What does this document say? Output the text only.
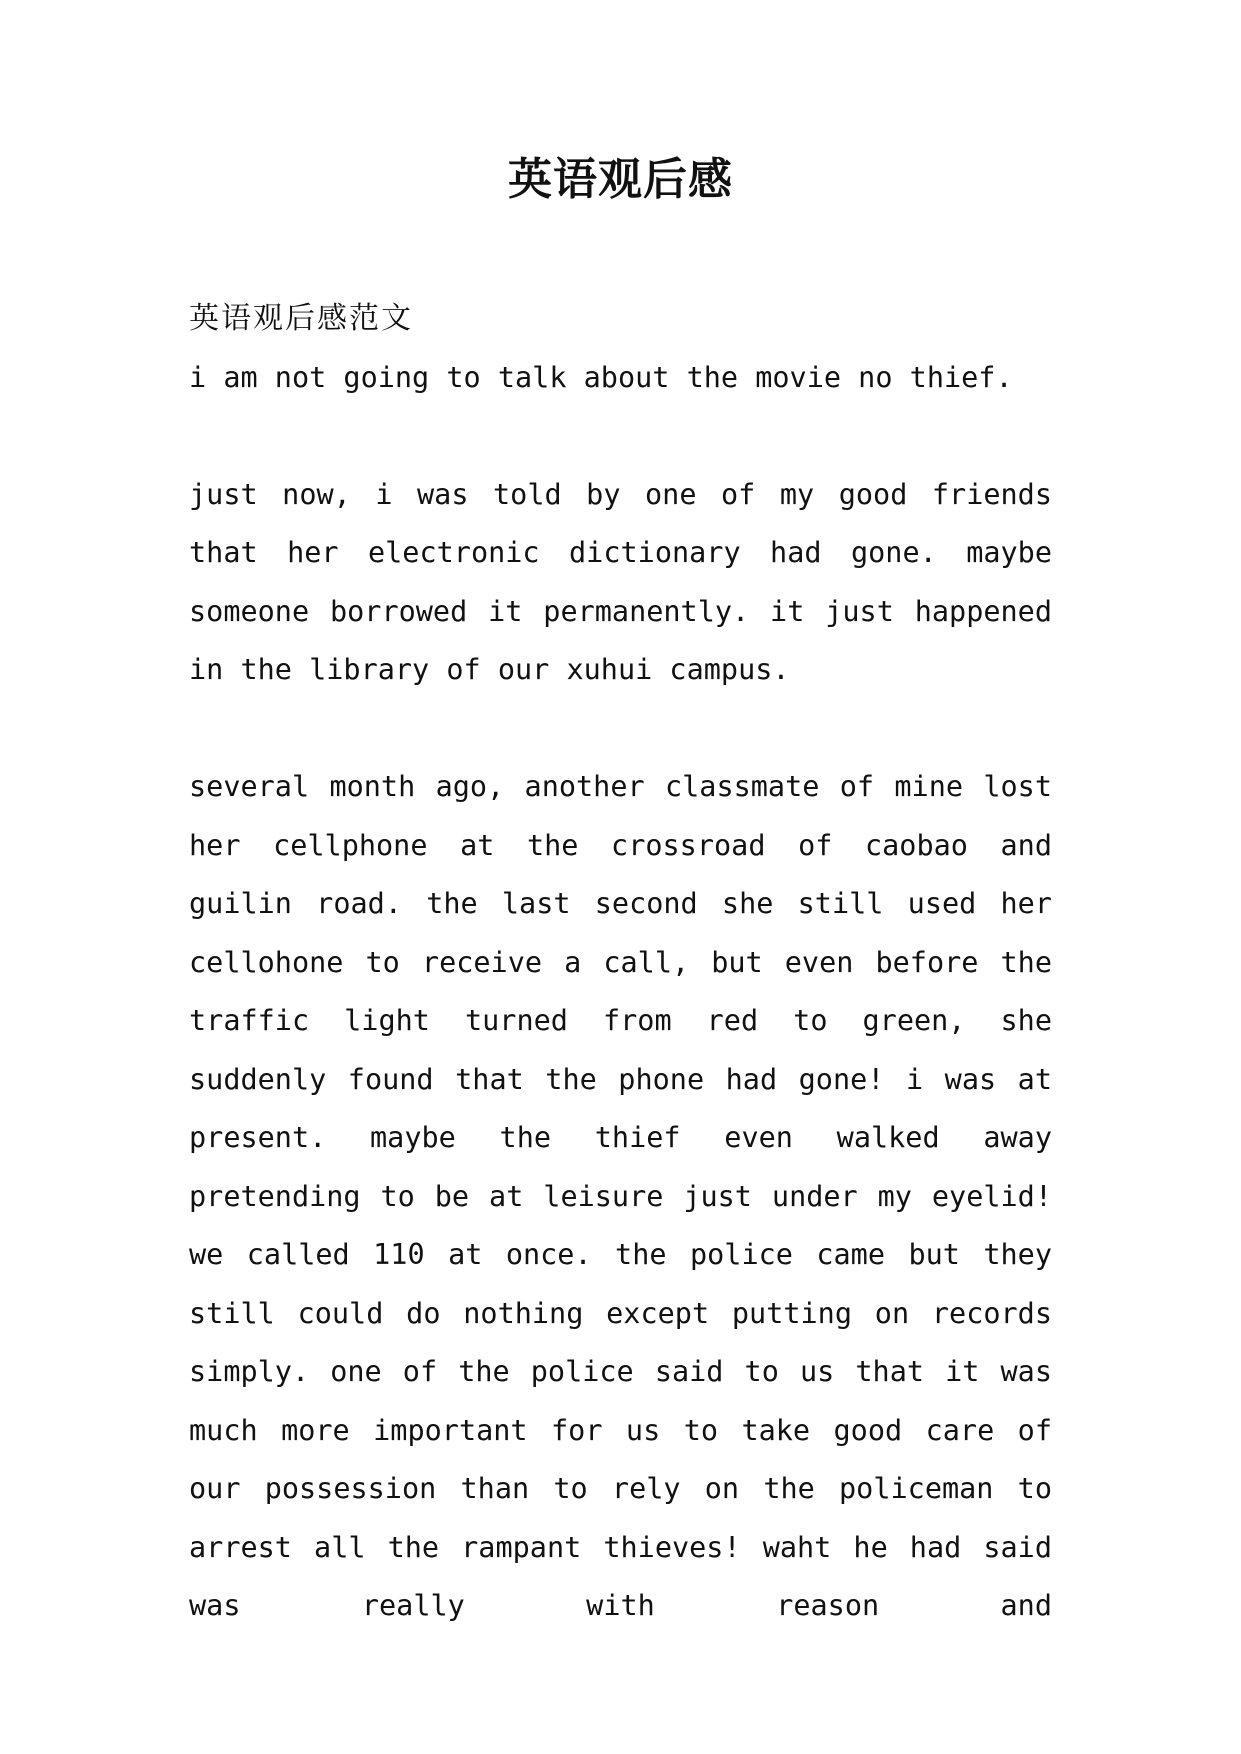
英语观后感
英语观后感范文

i am not going to talk about the movie no thief.

just now, i was told by one of my good friends that her electronic dictionary had gone. maybe someone borrowed it permanently. it just happened in the library of our xuhui campus.

several month ago, another classmate of mine lost her cellphone at the crossroad of caobao and guilin road. the last second she still used her cellohone to receive a call, but even before the traffic light turned from red to green, she suddenly found that the phone had gone! i was at present. maybe the thief even walked away pretending to be at leisure just under my eyelid! we called 110 at once. the police came but they still could do nothing except putting on records simply. one of the police said to us that it was much more important for us to take good care of our possession than to rely on the policeman to arrest all the rampant thieves! waht he had said was really with reason and
